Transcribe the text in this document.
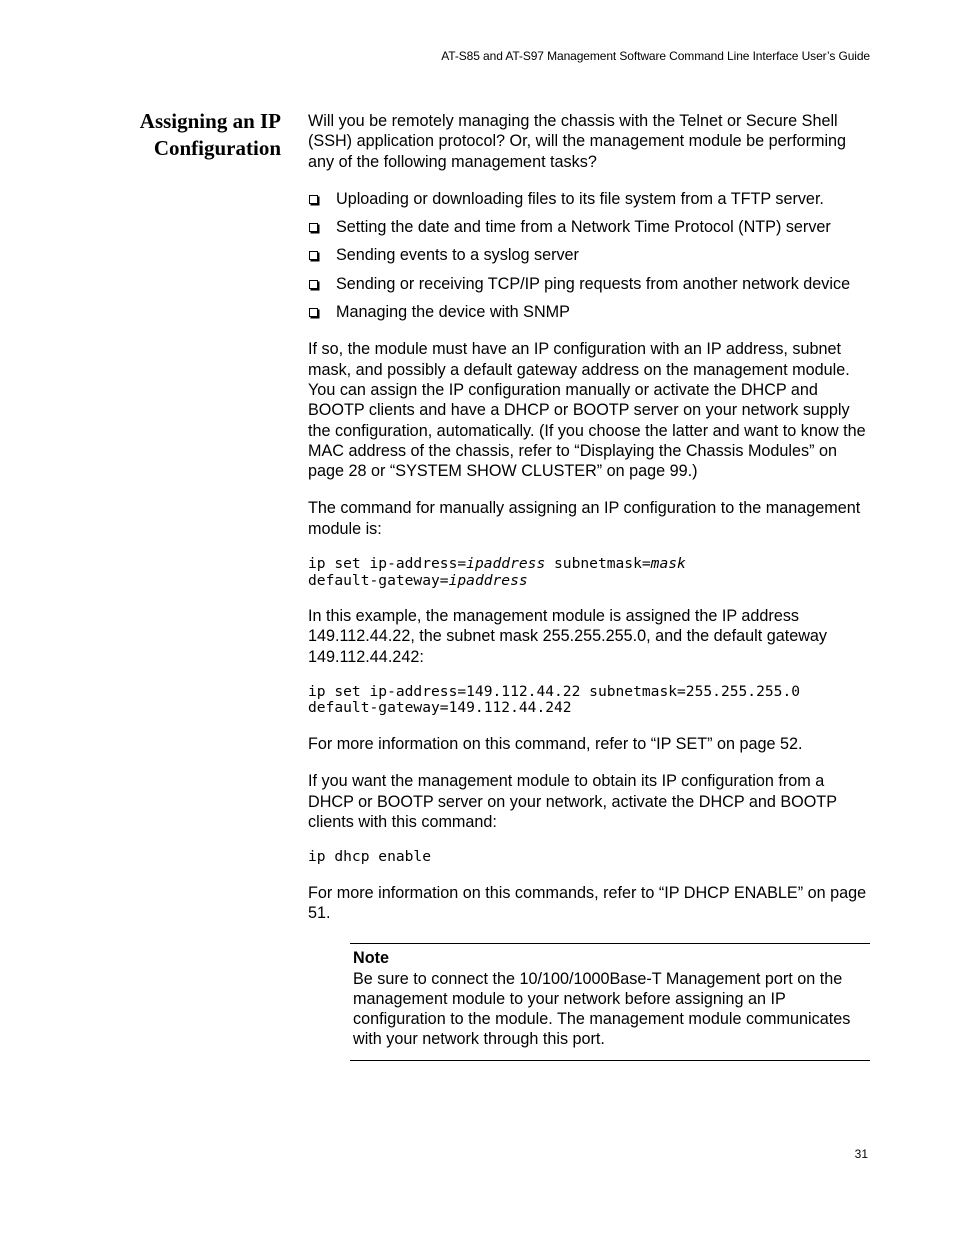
AT-S85 and AT-S97 Management Software Command Line Interface User’s Guide
Assigning an IP
Configuration

Will you be remotely managing the chassis with the Telnet or Secure Shell (SSH) application protocol? Or, will the management module be performing any of the following management tasks?

Uploading or downloading files to its file system from a TFTP server.
Setting the date and time from a Network Time Protocol (NTP) server
Sending events to a syslog server
Sending or receiving TCP/IP ping requests from another network device
Managing the device with SNMP

If so, the module must have an IP configuration with an IP address, subnet mask, and possibly a default gateway address on the management module. You can assign the IP configuration manually or activate the DHCP and BOOTP clients and have a DHCP or BOOTP server on your network supply the configuration, automatically. (If you choose the latter and want to know the MAC address of the chassis, refer to “Displaying the Chassis Modules” on page 28 or “SYSTEM SHOW CLUSTER” on page 99.)

The command for manually assigning an IP configuration to the management module is:

ip set ip-address=ipaddress subnetmask=mask
default-gateway=ipaddress

In this example, the management module is assigned the IP address 149.112.44.22, the subnet mask 255.255.255.0, and the default gateway 149.112.44.242:

ip set ip-address=149.112.44.22 subnetmask=255.255.255.0
default-gateway=149.112.44.242

For more information on this command, refer to “IP SET” on page 52.

If you want the management module to obtain its IP configuration from a DHCP or BOOTP server on your network, activate the DHCP and BOOTP clients with this command:

ip dhcp enable

For more information on this commands, refer to “IP DHCP ENABLE” on page 51.

Note
Be sure to connect the 10/100/1000Base-T Management port on the management module to your network before assigning an IP configuration to the module. The management module communicates with your network through this port.
31
